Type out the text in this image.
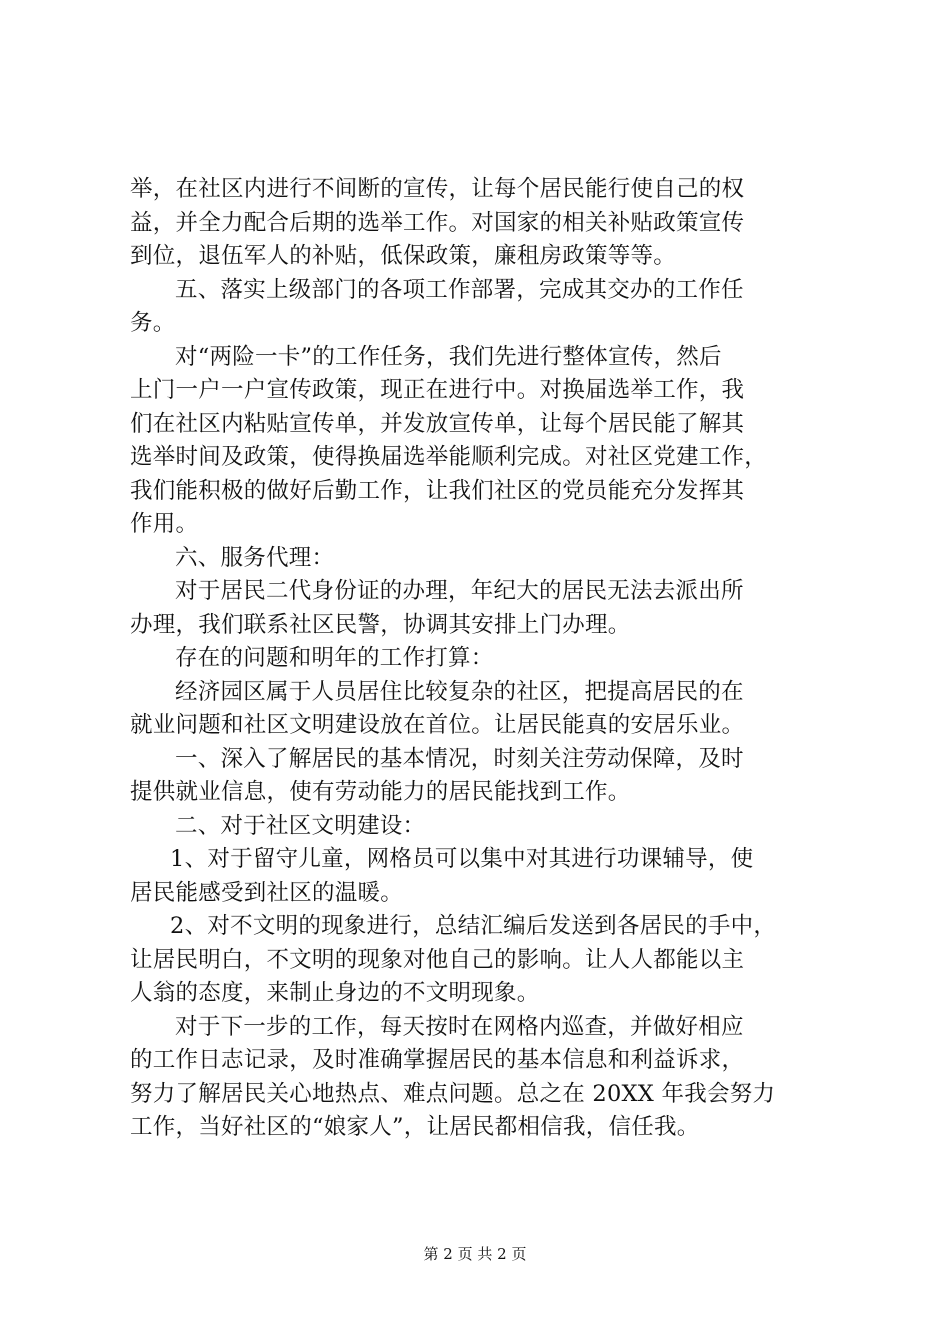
举，在社区内进行不间断的宣传，让每个居民能行使自己的权
益，并全力配合后期的选举工作。对国家的相关补贴政策宣传
到位，退伍军人的补贴，低保政策，廉租房政策等等。
五、落实上级部门的各项工作部署，完成其交办的工作任
务。
对“两险一卡”的工作任务，我们先进行整体宣传，然后
上门一户一户宣传政策，现正在进行中。对换届选举工作，我
们在社区内粘贴宣传单，并发放宣传单，让每个居民能了解其
选举时间及政策，使得换届选举能顺利完成。对社区党建工作，
我们能积极的做好后勤工作，让我们社区的党员能充分发挥其
作用。
六、服务代理：
对于居民二代身份证的办理，年纪大的居民无法去派出所
办理，我们联系社区民警，协调其安排上门办理。
存在的问题和明年的工作打算：
经济园区属于人员居住比较复杂的社区，把提高居民的在
就业问题和社区文明建设放在首位。让居民能真的安居乐业。
一、深入了解居民的基本情况，时刻关注劳动保障，及时
提供就业信息，使有劳动能力的居民能找到工作。
二、对于社区文明建设：
1、对于留守儿童，网格员可以集中对其进行功课辅导，使
居民能感受到社区的温暖。
2、对不文明的现象进行，总结汇编后发送到各居民的手中，
让居民明白，不文明的现象对他自己的影响。让人人都能以主
人翁的态度，来制止身边的不文明现象。
对于下一步的工作，每天按时在网格内巡查，并做好相应
的工作日志记录，及时准确掌握居民的基本信息和利益诉求，
努力了解居民关心地热点、难点问题。总之在 20XX 年我会努力
工作，当好社区的“娘家人”，让居民都相信我，信任我。
第 2 页 共 2 页
